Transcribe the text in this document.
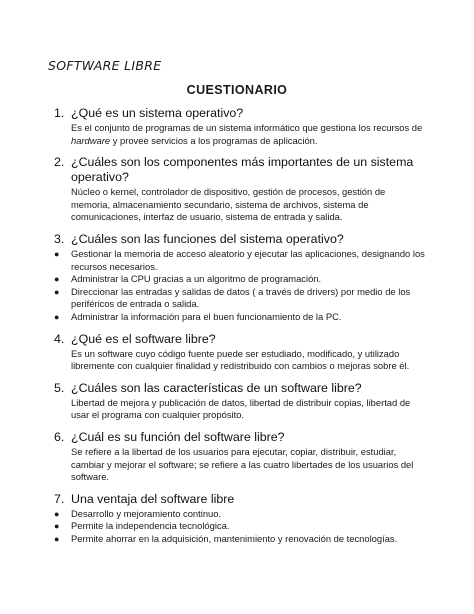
SOFTWARE LIBRE
CUESTIONARIO
1. ¿Qué es un sistema operativo?
Es el conjunto de programas de un sistema informático que gestiona los recursos de hardware y provee servicios a los programas de aplicación.
2. ¿Cuáles son los componentes más importantes de un sistema operativo?
Núcleo o kernel, controlador de dispositivo, gestión de procesos, gestión de memoria, almacenamiento secundario, sistema de archivos, sistema de comunicaciones, interfaz de usuario, sistema de entrada y salida.
3. ¿Cuáles son las funciones del sistema operativo?
●	Gestionar la memoria de acceso aleatorio y ejecutar las aplicaciones, designando los recursos necesarios.
●	Administrar la CPU gracias a un algoritmo de programación.
●	Direccionar las entradas y salidas de datos ( a través de drivers) por medio de los periféricos de entrada o salida.
●	Administrar la información para el buen funcionamiento de la PC.
4. ¿Qué es el software libre?
Es un software cuyo código fuente puede ser estudiado, modificado, y utilizado libremente con cualquier finalidad y redistribuido con cambios o mejoras sobre él.
5. ¿Cuáles son las características de un software libre?
Libertad de mejora y publicación de datos, libertad de distribuir copias, libertad de usar el programa con cualquier propósito.
6. ¿Cuál es su función del software libre?
Se refiere a la libertad de los usuarios para ejecutar, copiar, distribuir, estudiar, cambiar y mejorar el software; se refiere a las cuatro libertades de los usuarios del software.
7. Una ventaja del software libre
●	Desarrollo y mejoramiento continuo.
●	Permite la independencia tecnológica.
●	Permite ahorrar en la adquisición, mantenimiento y renovación de tecnologías.
